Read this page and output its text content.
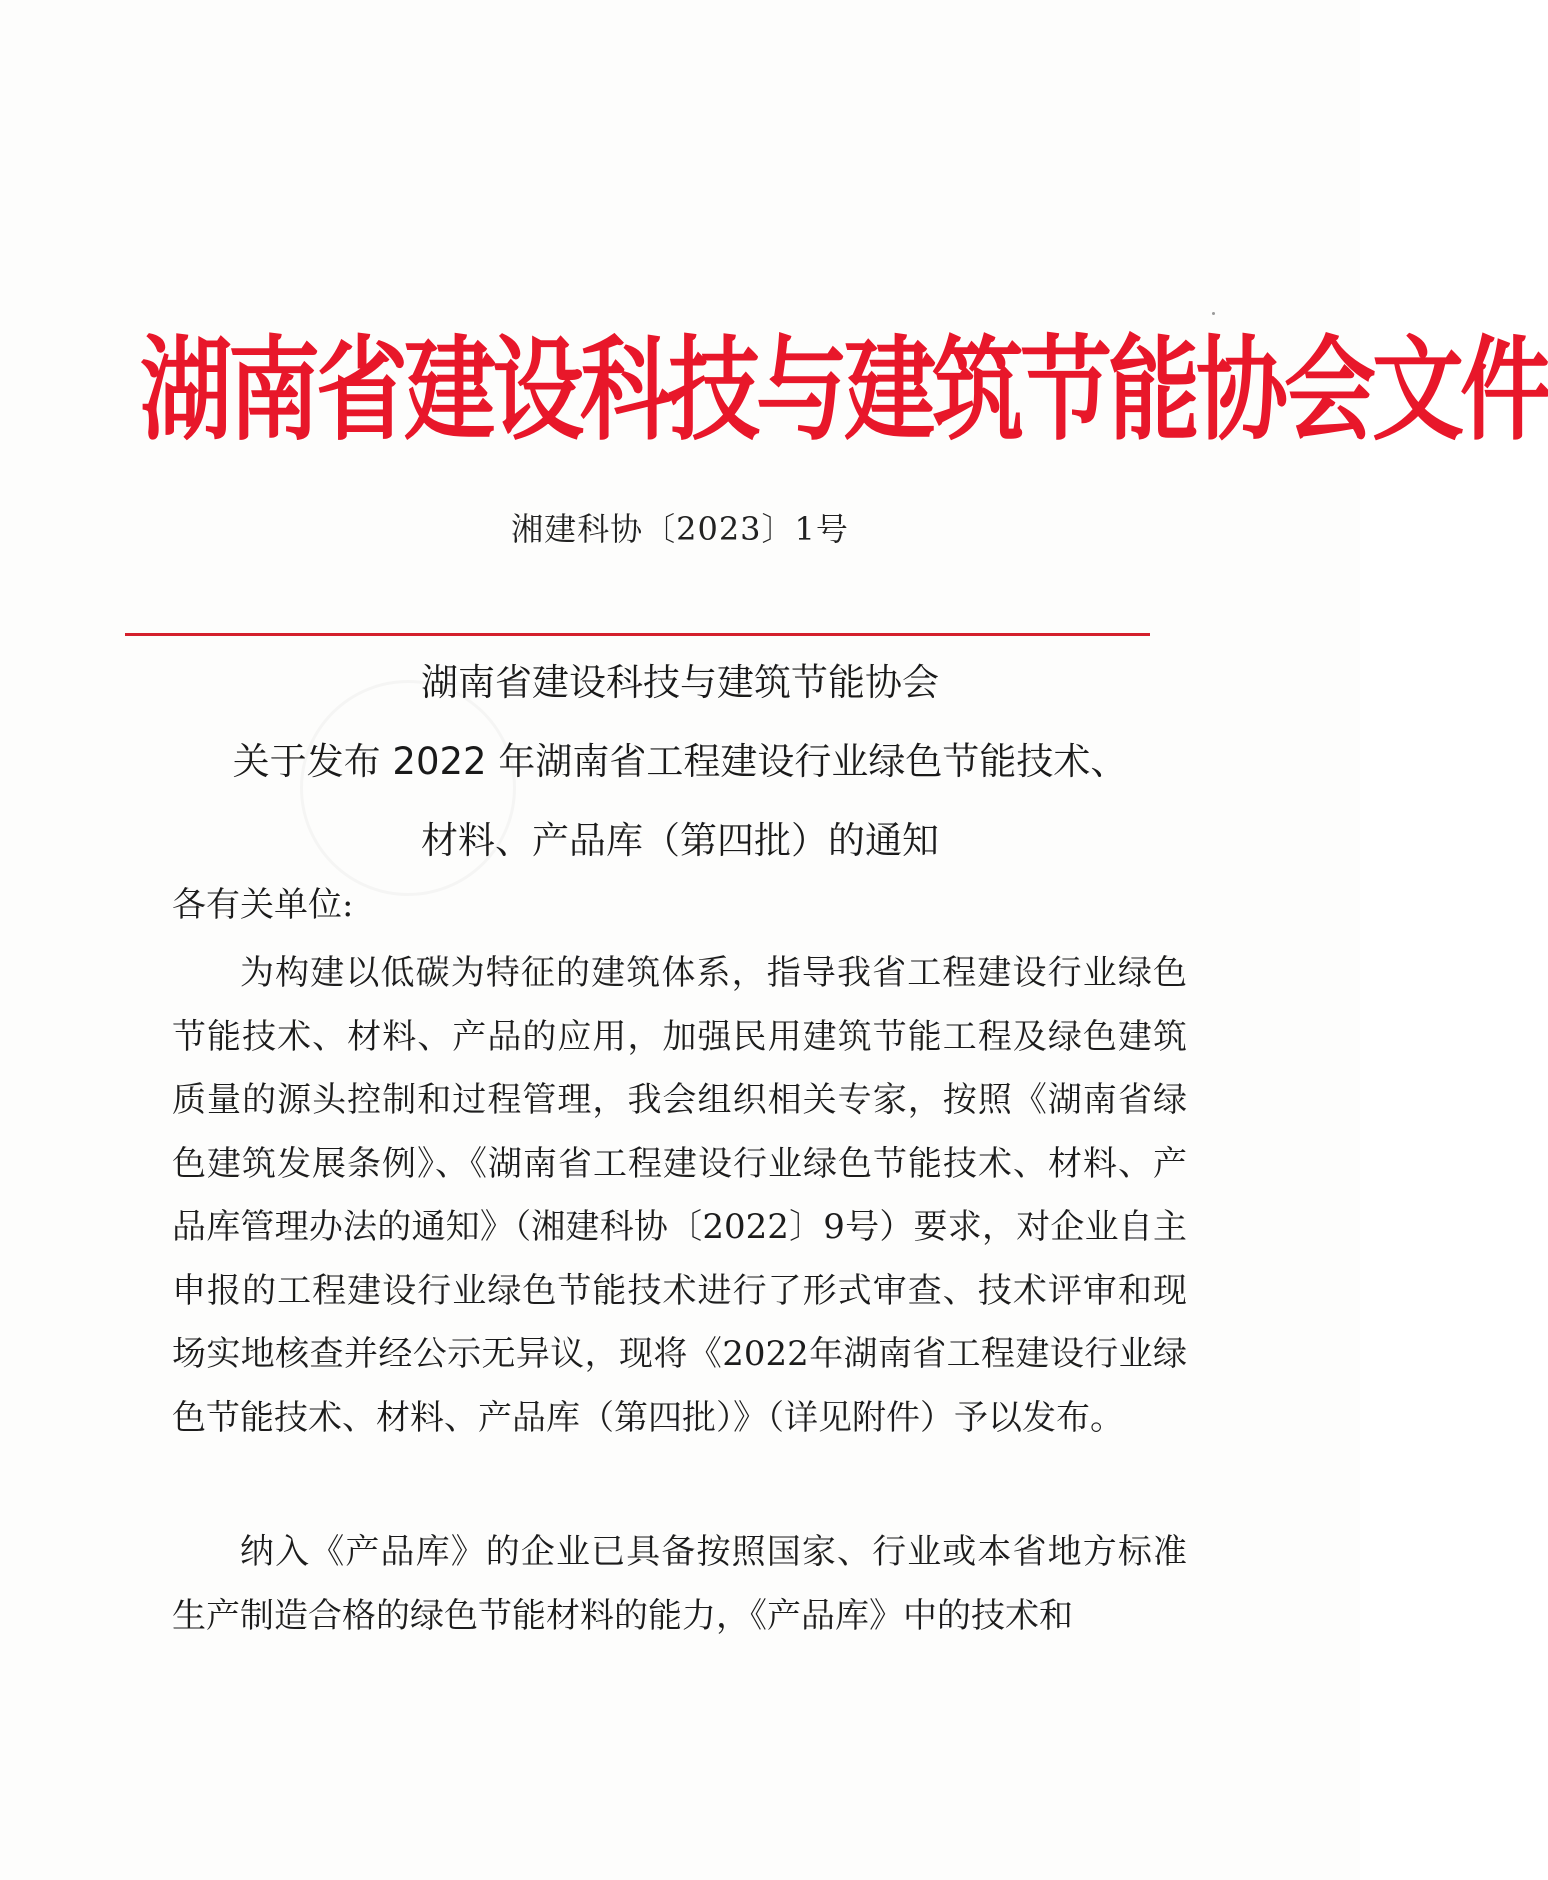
湖南省建设科技与建筑节能协会文件
湘建科协〔2023〕1号
湖南省建设科技与建筑节能协会
关于发布 2022 年湖南省工程建设行业绿色节能技术、
材料、产品库（第四批）的通知
各有关单位:

为构建以低碳为特征的建筑体系，指导我省工程建设行业绿色节能技术、材料、产品的应用，加强民用建筑节能工程及绿色建筑质量的源头控制和过程管理，我会组织相关专家，按照《湖南省绿色建筑发展条例》、《湖南省工程建设行业绿色节能技术、材料、产品库管理办法的通知》（湘建科协〔2022〕9号）要求，对企业自主申报的工程建设行业绿色节能技术进行了形式审查、技术评审和现场实地核查并经公示无异议，现将《2022年湖南省工程建设行业绿色节能技术、材料、产品库（第四批）》（详见附件）予以发布。

纳入《产品库》的企业已具备按照国家、行业或本省地方标准生产制造合格的绿色节能材料的能力，《产品库》中的技术和
